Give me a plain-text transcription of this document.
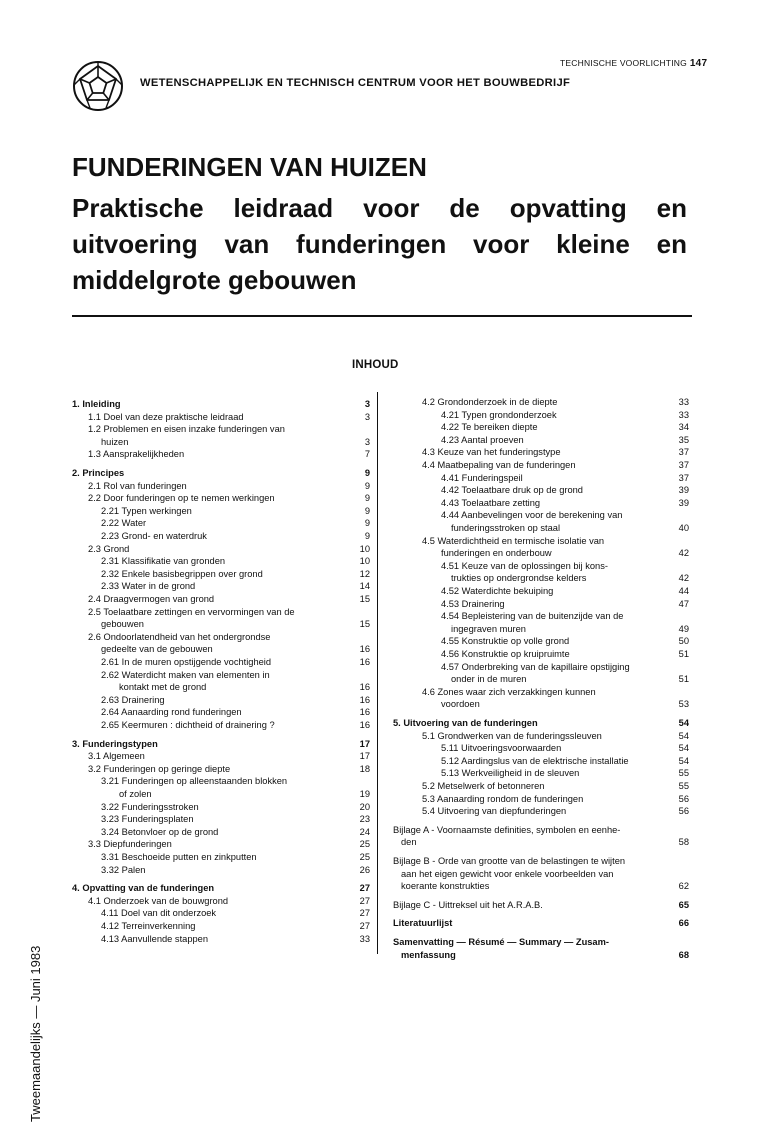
TECHNISCHE VOORLICHTING 147
WETENSCHAPPELIJK EN TECHNISCH CENTRUM VOOR HET BOUWBEDRIJF
FUNDERINGEN VAN HUIZEN
Praktische leidraad voor de opvatting en uitvoering van funderingen voor kleine en middelgrote gebouwen
INHOUD
1. Inleiding	3
1.1 Doel van deze praktische leidraad	3
1.2 Problemen en eisen inzake funderingen van
huizen	3
1.3 Aansprakelijkheden	7
2. Principes	9
2.1 Rol van funderingen	9
2.2 Door funderingen op te nemen werkingen	9
2.21 Typen werkingen	9
2.22 Water	9
2.23 Grond- en waterdruk	9
2.3 Grond	10
2.31 Klassifikatie van gronden	10
2.32 Enkele basisbegrippen over grond	12
2.33 Water in de grond	14
2.4 Draagvermogen van grond	15
2.5 Toelaatbare zettingen en vervormingen van de
gebouwen	15
2.6 Ondoorlatendheid van het ondergrondse
gedeelte van de gebouwen	16
2.61 In de muren opstijgende vochtigheid	16
2.62 Waterdicht maken van elementen in
kontakt met de grond	16
2.63 Drainering	16
2.64 Aanaarding rond funderingen	16
2.65 Keermuren : dichtheid of drainering ?	16
3. Funderingstypen	17
3.1 Algemeen	17
3.2 Funderingen op geringe diepte	18
3.21 Funderingen op alleenstaanden blokken
of zolen	19
3.22 Funderingsstroken	20
3.23 Funderingsplaten	23
3.24 Betonvloer op de grond	24
3.3 Diepfunderingen	25
3.31 Beschoeide putten en zinkputten	25
3.32 Palen	26
4. Opvatting van de funderingen	27
4.1 Onderzoek van de bouwgrond	27
4.11 Doel van dit onderzoek	27
4.12 Terreinverkenning	27
4.13 Aanvullende stappen	33
4.2 Grondonderzoek in de diepte	33
4.21 Typen grondonderzoek	33
4.22 Te bereiken diepte	34
4.23 Aantal proeven	35
4.3 Keuze van het funderingstype	37
4.4 Maatbepaling van de funderingen	37
4.41 Funderingspeil	37
4.42 Toelaatbare druk op de grond	39
4.43 Toelaatbare zetting	39
4.44 Aanbevelingen voor de berekening van
funderingsstroken op staal	40
4.5 Waterdichtheid en termische isolatie van
funderingen en onderbouw	42
4.51 Keuze van de oplossingen bij kons-
trukties op ondergrondse kelders	42
4.52 Waterdichte bekuiping	44
4.53 Drainering	47
4.54 Bepleistering van de buitenzijde van de
ingegraven muren	49
4.55 Konstruktie op volle grond	50
4.56 Konstruktie op kruipruimte	51
4.57 Onderbreking van de kapillaire opstijging
onder in de muren	51
4.6 Zones waar zich verzakkingen kunnen
voordoen	53
5. Uitvoering van de funderingen	54
5.1 Grondwerken van de funderingssleuven	54
5.11 Uitvoeringsvoorwaarden	54
5.12 Aardingslus van de elektrische installatie	54
5.13 Werkveiligheid in de sleuven	55
5.2 Metselwerk of betonneren	55
5.3 Aanaarding rondom de funderingen	56
5.4 Uitvoering van diepfunderingen	56
Bijlage A - Voornaamste definities, symbolen en eenhe-
den	58
Bijlage B - Orde van grootte van de belastingen te wijten
aan het eigen gewicht voor enkele voorbeelden van
koerante konstrukties	62
Bijlage C - Uittreksel uit het A.R.A.B.	65
Literatuurlijst	66
Samenvatting — Résumé — Summary — Zusam-
menfassung	68
Tweemaandelijks — Juni 1983
